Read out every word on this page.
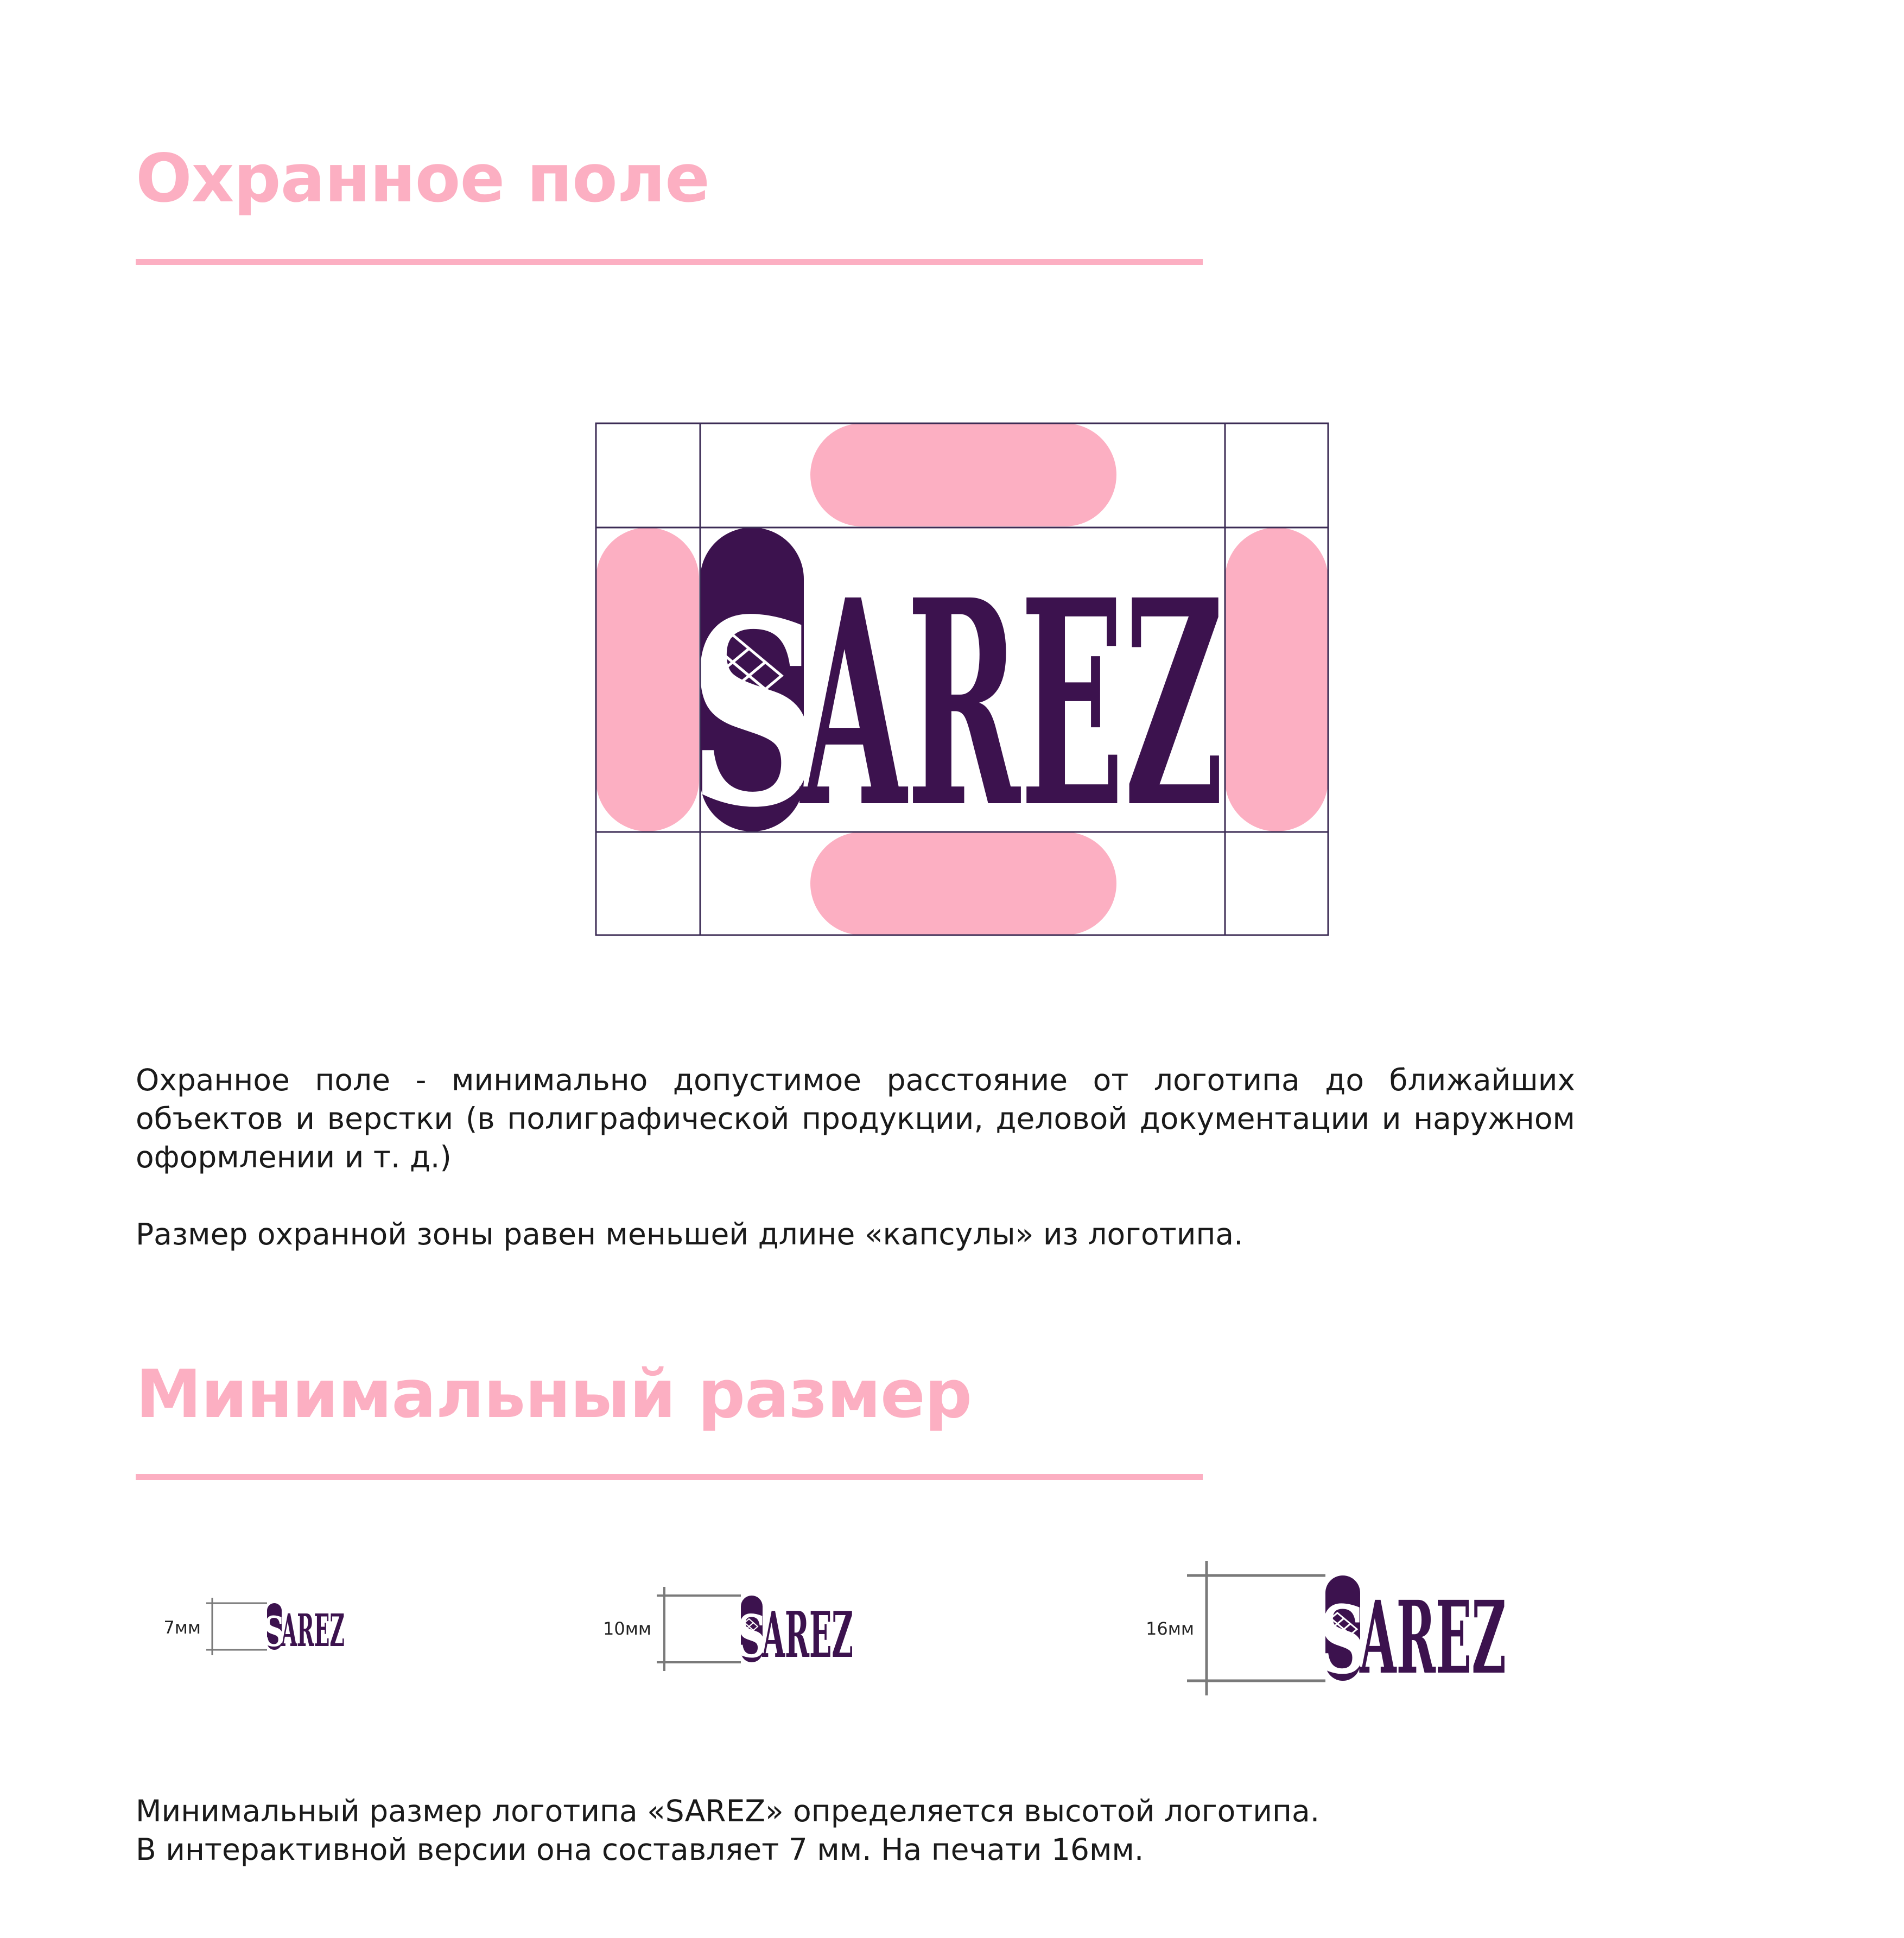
Охранное поле
S
AREZ

Охранное поле - минимально допустимое расстояние от логотипа до ближайших объектов и верстки (в полиграфической продукции, деловой документации и наружном оформлении и т. д.)

Размер охранной зоны равен меньшей длине «капсулы» из логотипа.

Минимальный размер
7мм S
AREZ	10мм S
AREZ	16мм S
AREZ

Минимальный размер логотипа «SAREZ» определяется высотой логотипа.
В интерактивной версии она составляет 7 мм. На печати 16мм.
